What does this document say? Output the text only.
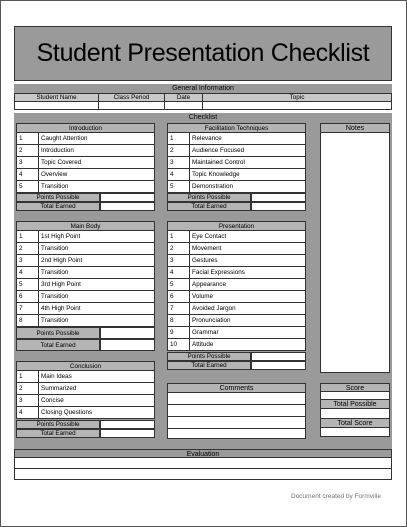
Student Presentation Checklist
General Information
Student Name	Class Period	Date	Topic
Checklist
Introduction	
1	Caught Attention
2	Introduction
3	Topic Covered
4	Overview
5	Transition
Points Possible
Total Earned
Facilitation Techniques	
1	Relevance
2	Audience Focused
3	Maintained Control
4	Topic Knowledge
5	Demonstration
Points Possible
Total Earned
Notes
Main Body	
1	1st High Point
2	Transition
3	2nd High Point
4	Transition
5	3rd High Point
6	Transition
7	4th High Point
8	Transition
Points Possible
Total Earned
Presentation	
1	Eye Contact
2	Movement
3	Gestures
4	Facial Expressions
5	Appearance
6	Volume
7	Avoided Jargon
8	Pronunciation
9	Grammar
10	Attitude
Points Possible
Total Earned
Conclusion	
1	Main Ideas
2	Summarized
3	Concise
4	Closing Questions
Points Possible
Total Earned
Comments	Score
Total Possible
Total Score
Evaluation
Document created by Formville
